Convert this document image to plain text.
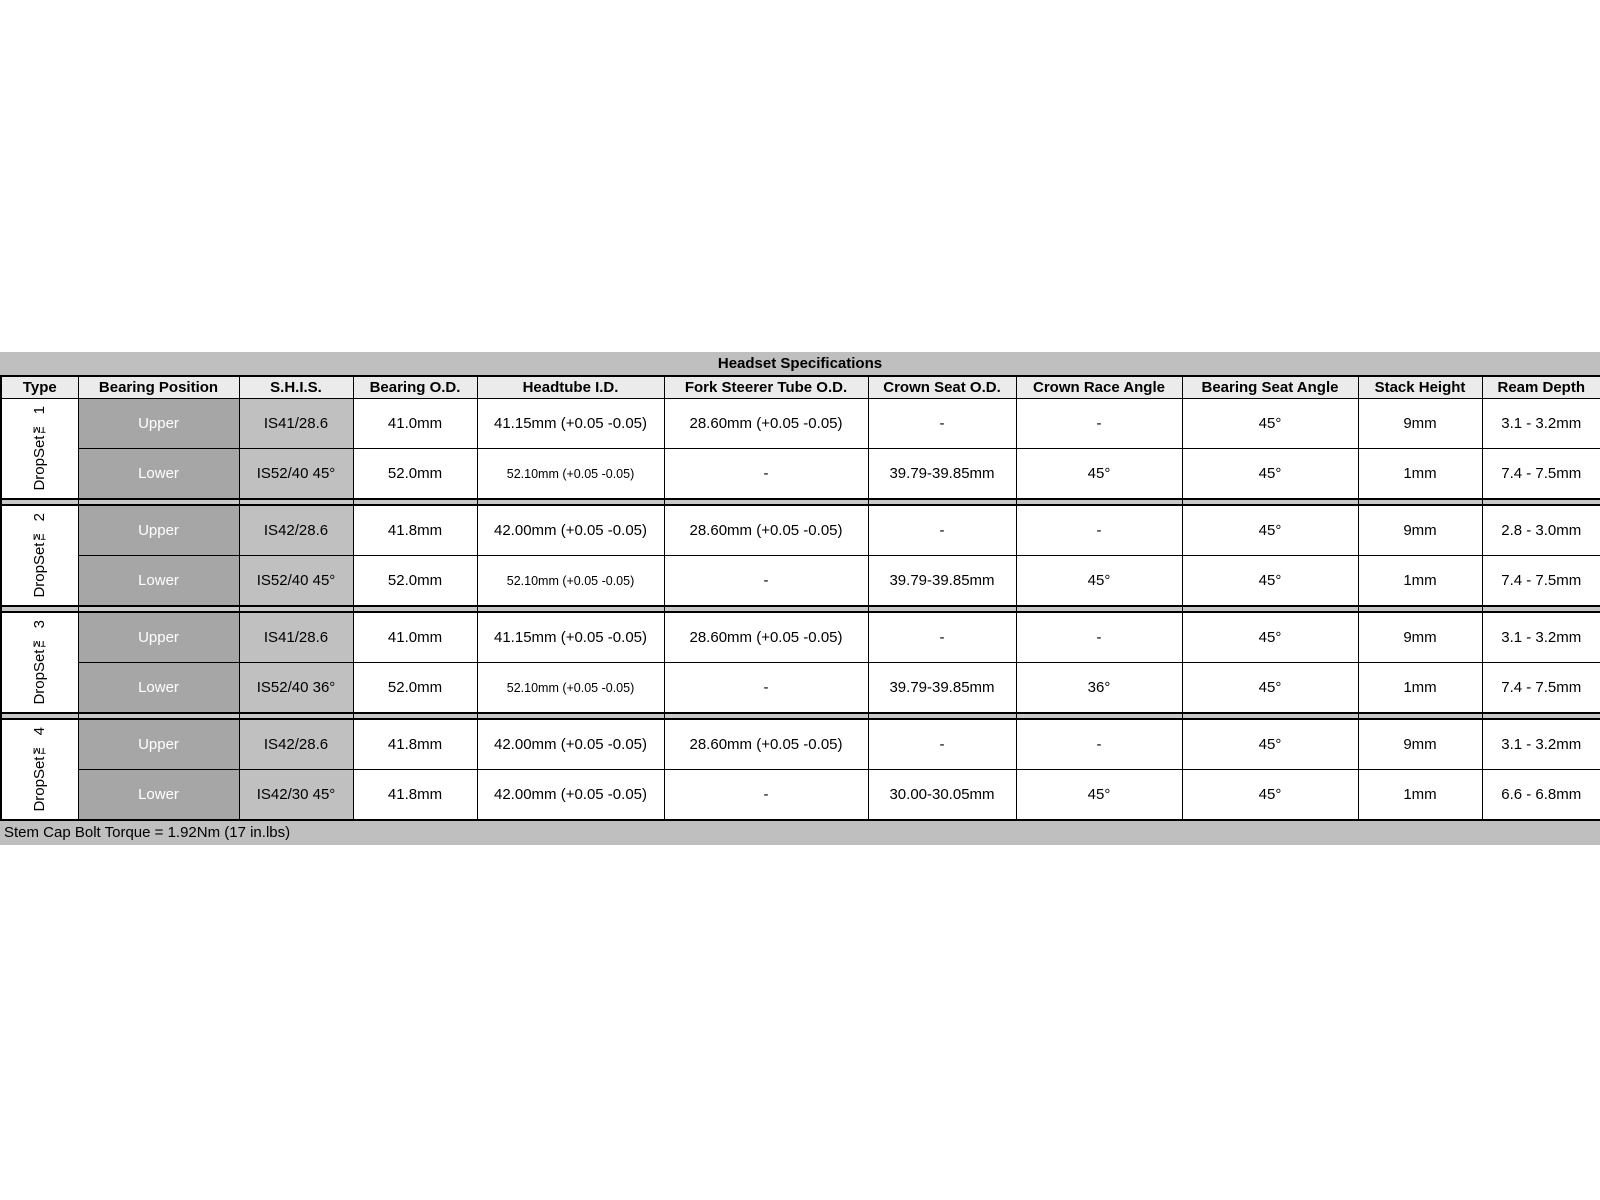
Headset Specifications
Type	Bearing Position	S.H.I.S.	Bearing O.D.	Headtube I.D.	Fork Steerer Tube O.D.	Crown Seat O.D.	Crown Race Angle	Bearing Seat Angle	Stack Height	Ream Depth

DropSet™ 1	Upper	IS41/28.6	41.0mm	41.15mm (+0.05 -0.05)	28.60mm (+0.05 -0.05)	-	-	45°	9mm	3.1 - 3.2mm
	Lower	IS52/40 45°	52.0mm	52.10mm (+0.05 -0.05)	-	39.79-39.85mm	45°	45°	1mm	7.4 - 7.5mm

DropSet™ 2	Upper	IS42/28.6	41.8mm	42.00mm (+0.05 -0.05)	28.60mm (+0.05 -0.05)	-	-	45°	9mm	2.8 - 3.0mm
	Lower	IS52/40 45°	52.0mm	52.10mm (+0.05 -0.05)	-	39.79-39.85mm	45°	45°	1mm	7.4 - 7.5mm

DropSet™ 3	Upper	IS41/28.6	41.0mm	41.15mm (+0.05 -0.05)	28.60mm (+0.05 -0.05)	-	-	45°	9mm	3.1 - 3.2mm
	Lower	IS52/40 36°	52.0mm	52.10mm (+0.05 -0.05)	-	39.79-39.85mm	36°	45°	1mm	7.4 - 7.5mm

DropSet™ 4	Upper	IS42/28.6	41.8mm	42.00mm (+0.05 -0.05)	28.60mm (+0.05 -0.05)	-	-	45°	9mm	3.1 - 3.2mm
	Lower	IS42/30 45°	41.8mm	42.00mm (+0.05 -0.05)	-	30.00-30.05mm	45°	45°	1mm	6.6 - 6.8mm
Stem Cap Bolt Torque = 1.92Nm (17 in.lbs)
